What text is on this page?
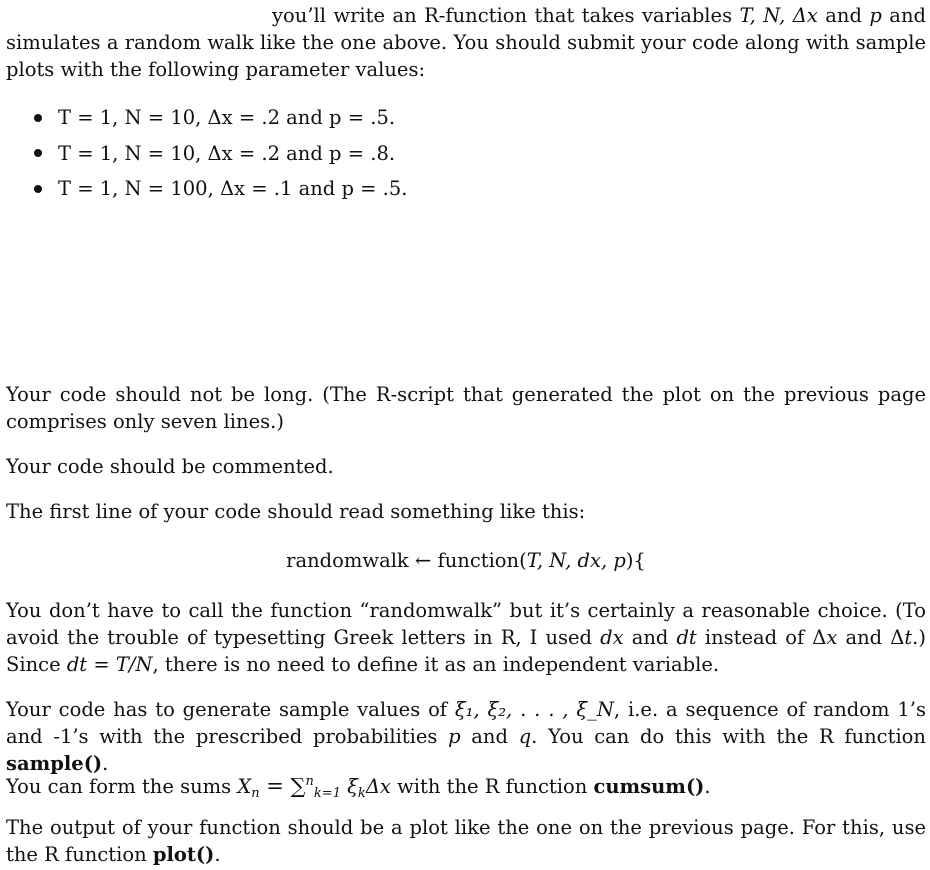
you’ll write an R-function that takes variables T, N, Δx and p and simulates a random walk like the one above. You should submit your code along with sample plots with the following parameter values:
T = 1, N = 10, Δx = .2 and p = .5.
T = 1, N = 10, Δx = .2 and p = .8.
T = 1, N = 100, Δx = .1 and p = .5.
Your code should not be long. (The R-script that generated the plot on the previous page comprises only seven lines.)
Your code should be commented.
The first line of your code should read something like this:
randomwalk ← function(T, N, dx, p){
You don’t have to call the function “randomwalk” but it’s certainly a reasonable choice. (To avoid the trouble of typesetting Greek letters in R, I used dx and dt instead of Δx and Δt.) Since dt = T/N, there is no need to define it as an independent variable.
Your code has to generate sample values of ξ₁, ξ₂, . . . , ξ_N, i.e. a sequence of random 1’s and -1’s with the prescribed probabilities p and q. You can do this with the R function sample().
You can form the sums $X_n = \sum^n_{k=1}$ $\xi_k\Delta x$ with the R function cumsum().
The output of your function should be a plot like the one on the previous page. For this, use the R function plot().
